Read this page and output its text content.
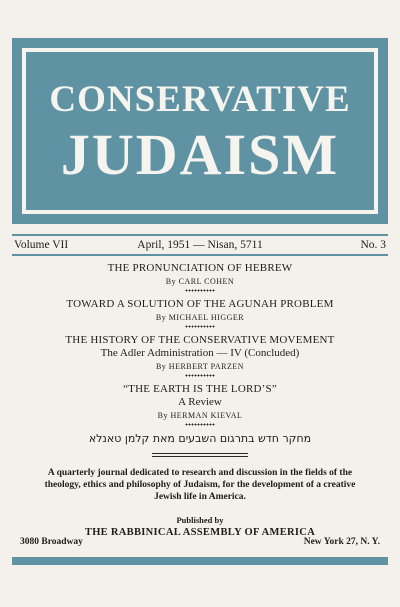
CONSERVATIVE
JUDAISM
Volume VII	April, 1951 — Nisan, 5711	No. 3
THE PRONUNCIATION OF HEBREW
By CARL COHEN
TOWARD A SOLUTION OF THE AGUNAH PROBLEM
By MICHAEL HIGGER
THE HISTORY OF THE CONSERVATIVE MOVEMENT
The Adler Administration — IV (Concluded)
By HERBERT PARZEN
“THE EARTH IS THE LORD’S”
A Review
By HERMAN KIEVAL
מחקר חדש בתרגום השבעים מאת קלמן טאנלא
A quarterly journal dedicated to research and discussion in the fields of the theology, ethics and philosophy of Judaism, for the development of a creative Jewish life in America.
Published by
THE RABBINICAL ASSEMBLY OF AMERICA
3080 Broadway	New York 27, N. Y.
